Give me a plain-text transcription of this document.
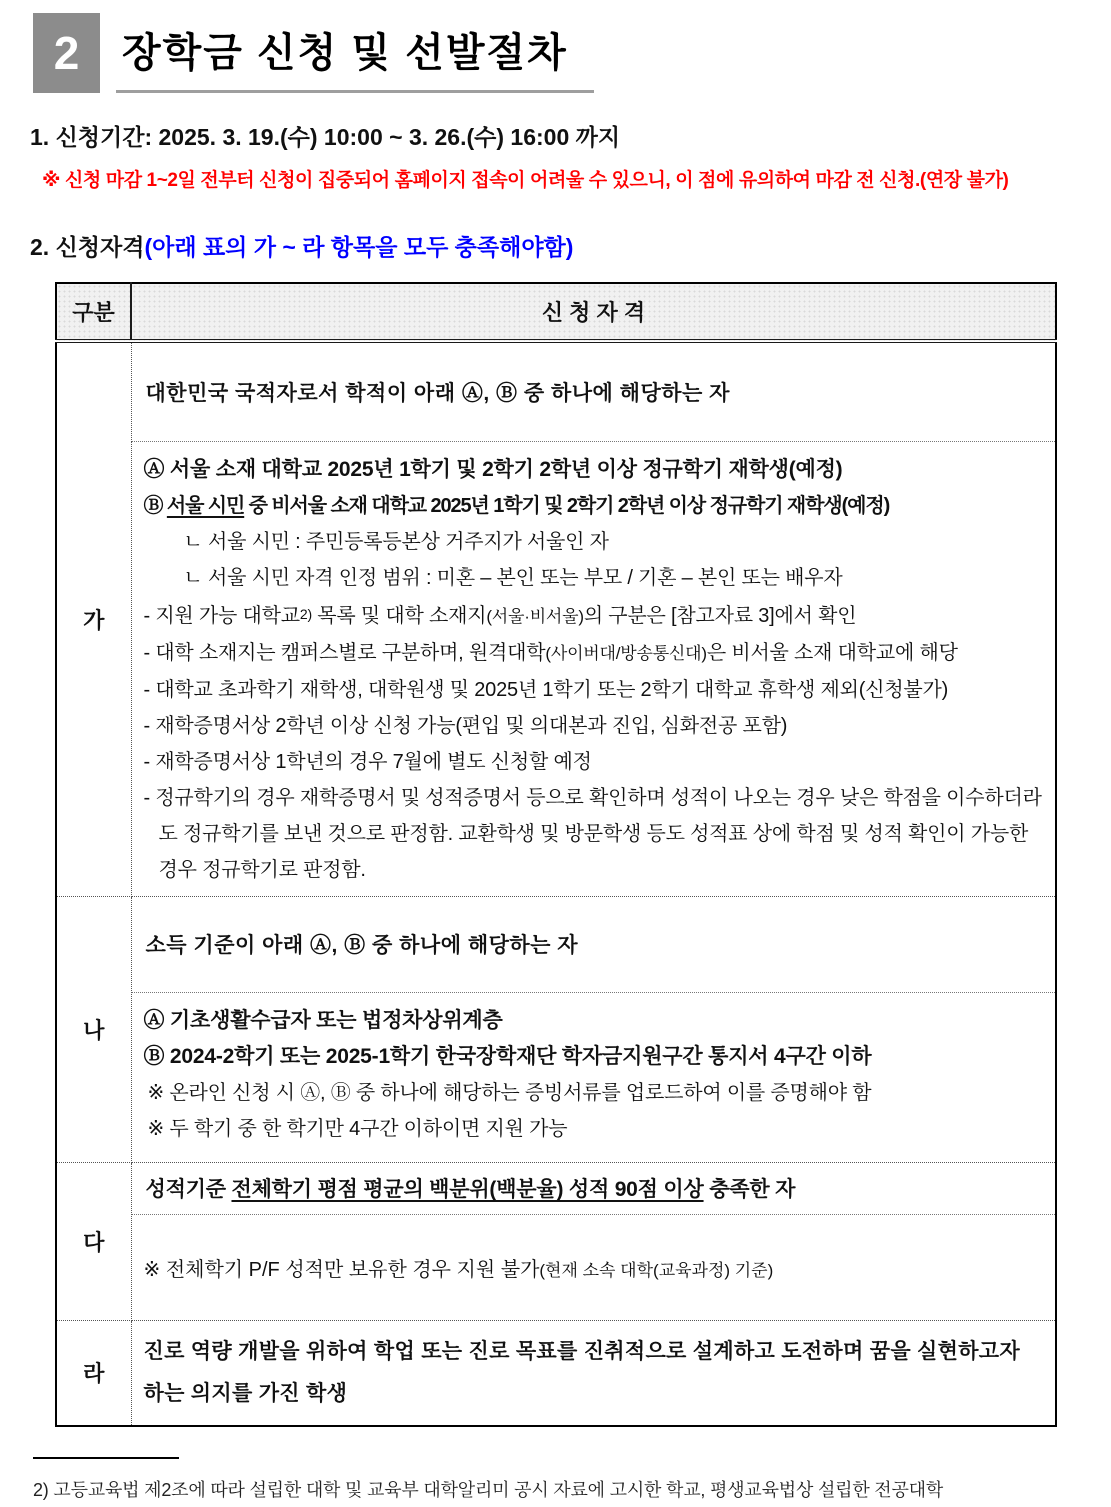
2	장학금 신청 및 선발절차
1. 신청기간: 2025. 3. 19.(수) 10:00 ~ 3. 26.(수) 16:00 까지
※ 신청 마감 1~2일 전부터 신청이 집중되어 홈페이지 접속이 어려울 수 있으니, 이 점에 유의하여 마감 전 신청.(연장 불가)
2. 신청자격(아래 표의 가 ~ 라 항목을 모두 충족해야함)
구분	신 청 자 격
가	대한민국 국적자로서 학적이 아래 Ⓐ, Ⓑ 중 하나에 해당하는 자

Ⓐ 서울 소재 대학교 2025년 1학기 및 2학기 2학년 이상 정규학기 재학생(예정)
Ⓑ 서울 시민 중 비서울 소재 대학교 2025년 1학기 및 2학기 2학년 이상 정규학기 재학생(예정)
ㄴ 서울 시민 : 주민등록등본상 거주지가 서울인 자
ㄴ 서울 시민 자격 인정 범위 : 미혼 – 본인 또는 부모 / 기혼 – 본인 또는 배우자
- 지원 가능 대학교$^{2)}$ 목록 및 대학 소재지(서울·비서울)의 구분은 [참고자료 3]에서 확인
- 대학 소재지는 캠퍼스별로 구분하며, 원격대학(사이버대/방송통신대)은 비서울 소재 대학교에 해당
- 대학교 초과학기 재학생, 대학원생 및 2025년 1학기 또는 2학기 대학교 휴학생 제외(신청불가)
- 재학증명서상 2학년 이상 신청 가능(편입 및 의대본과 진입, 심화전공 포함)
- 재학증명서상 1학년의 경우 7월에 별도 신청할 예정
- 정규학기의 경우 재학증명서 및 성적증명서 등으로 확인하며 성적이 나오는 경우 낮은 학점을 이수하더라도 정규학기를 보낸 것으로 판정함. 교환학생 및 방문학생 등도 성적표 상에 학점 및 성적 확인이 가능한 경우 정규학기로 판정함.

나	소득 기준이 아래 Ⓐ, Ⓑ 중 하나에 해당하는 자

	Ⓐ 기초생활수급자 또는 법정차상위계층
Ⓑ 2024-2학기 또는 2025-1학기 한국장학재단 학자금지원구간 통지서 4구간 이하
※ 온라인 신청 시 Ⓐ, Ⓑ 중 하나에 해당하는 증빙서류를 업로드하여 이를 증명해야 함
※ 두 학기 중 한 학기만 4구간 이하이면 지원 가능

다	성적기준 전체학기 평점 평균의 백분위(백분율) 성적 90점 이상 충족한 자

	※ 전체학기 P/F 성적만 보유한 경우 지원 불가(현재 소속 대학(교육과정) 기준)

라	진로 역량 개발을 위하여 학업 또는 진로 목표를 진취적으로 설계하고 도전하며 꿈을 실현하고자 하는 의지를 가진 학생
2) 고등교육법 제2조에 따라 설립한 대학 및 교육부 대학알리미 공시 자료에 고시한 학교, 평생교육법상 설립한 전공대학
